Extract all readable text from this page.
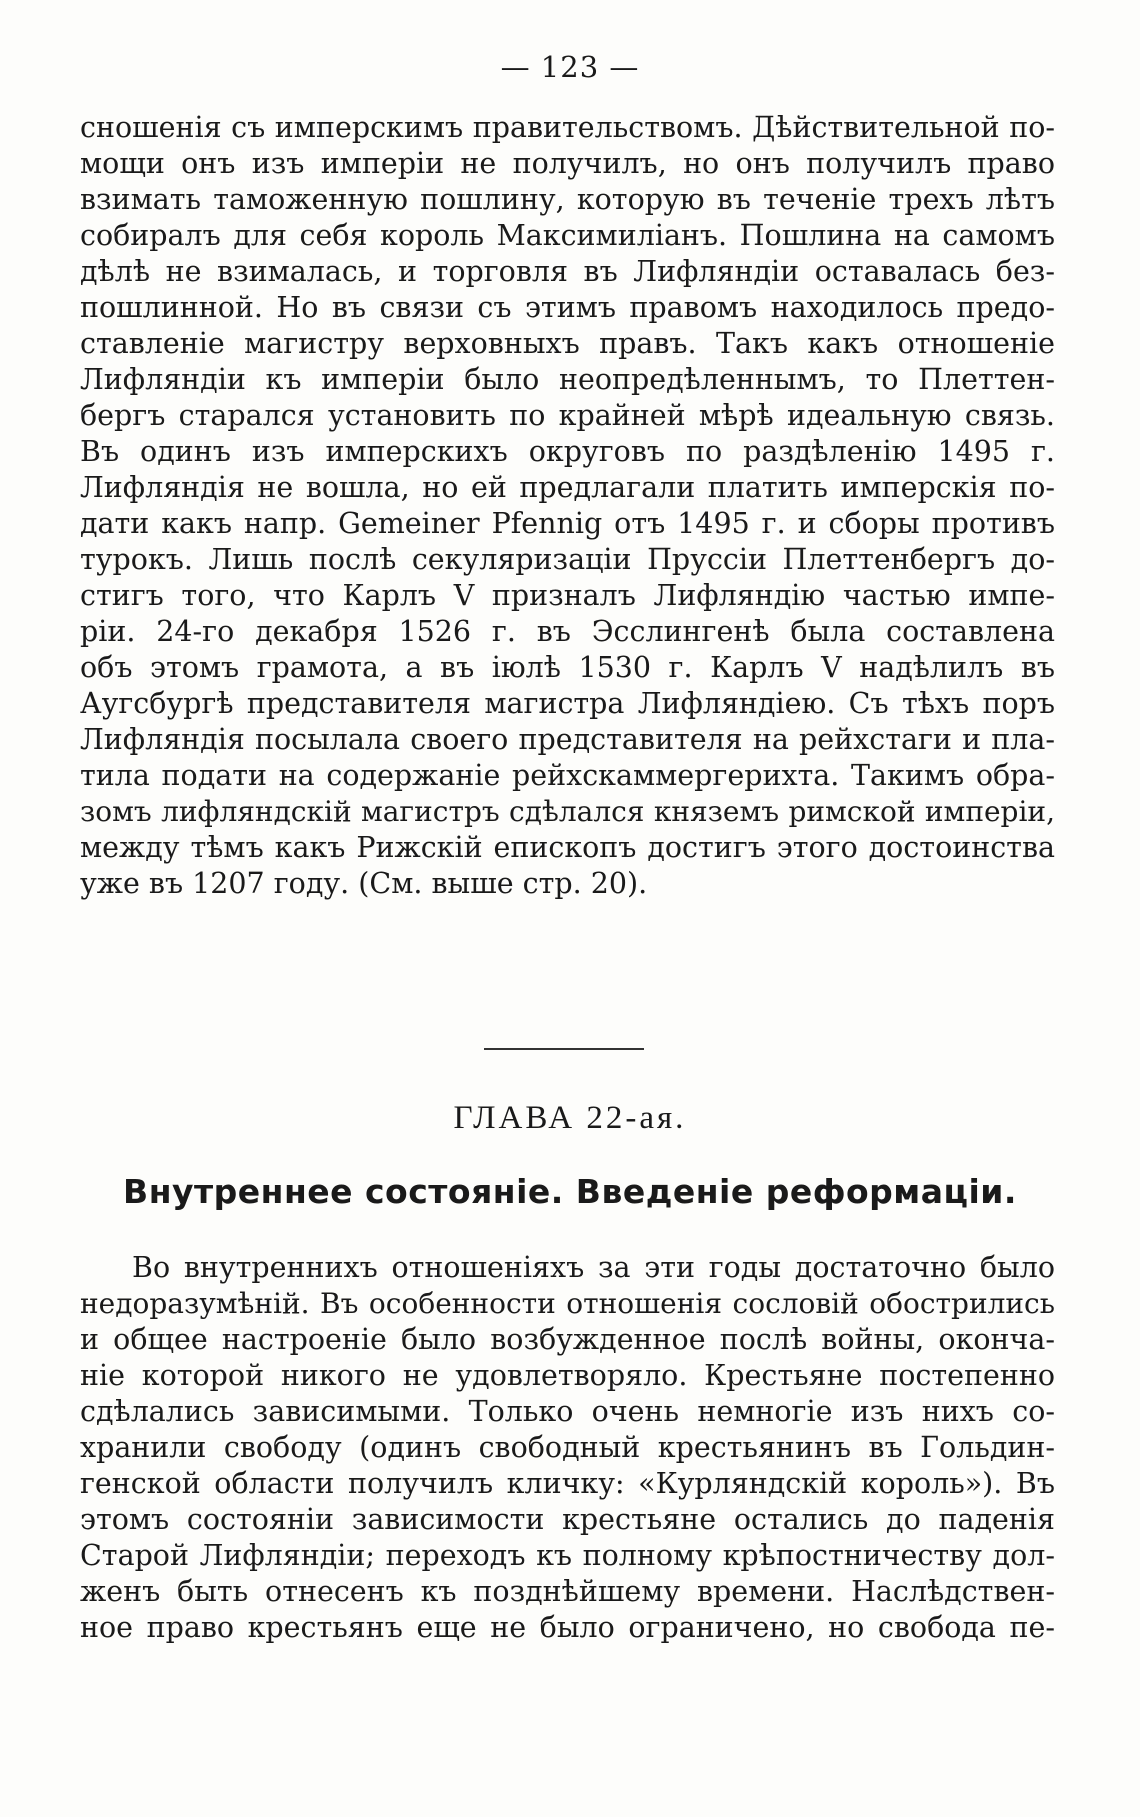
— 123 —
сношенія съ имперскимъ правительствомъ. Дѣйствительной по-
мощи онъ изъ имперіи не получилъ, но онъ получилъ право
взимать таможенную пошлину, которую въ теченіе трехъ лѣтъ
собиралъ для себя король Максимиліанъ. Пошлина на самомъ
дѣлѣ не взималась, и торговля въ Лифляндіи оставалась без-
пошлинной. Но въ связи съ этимъ правомъ находилось предо-
ставленіе магистру верховныхъ правъ. Такъ какъ отношеніе
Лифляндіи къ имперіи было неопредѣленнымъ, то Плеттен-
бергъ старался установить по крайней мѣрѣ идеальную связь.
Въ одинъ изъ имперскихъ округовъ по раздѣленію 1495 г.
Лифляндія не вошла, но ей предлагали платить имперскія по-
дати какъ напр. Gemeiner Pfennig отъ 1495 г. и сборы противъ
турокъ. Лишь послѣ секуляризаціи Пруссіи Плеттенбергъ до-
стигъ того, что Карлъ V признaлъ Лифляндію частью импе-
ріи. 24-го декабря 1526 г. въ Эсслингенѣ была составлена
объ этомъ грамота, а въ іюлѣ 1530 г. Карлъ V надѣлилъ въ
Аугсбургѣ представителя магистра Лифляндіею. Съ тѣхъ поръ
Лифляндія посылала своего представителя на рейхстаги и пла-
тила подати на содержаніе рейхскаммергерихта. Такимъ обра-
зомъ лифляндскій магистръ сдѣлался княземъ римской имперіи,
между тѣмъ какъ Рижскій епископъ достигъ этого достоинства
уже въ 1207 году. (См. выше стр. 20).
ГЛАВА 22-ая.
Внутреннее состояніе. Введеніе реформаціи.
Во внутреннихъ отношеніяхъ за эти годы достаточно было
недоразумѣній. Въ особенности отношенія сословій обострились
и общее настроеніе было возбужденное послѣ войны, оконча-
ніе которой никого не удовлетворяло. Крестьяне постепенно
сдѣлались зависимыми. Только очень немногіе изъ нихъ со-
хранили свободу (одинъ свободный крестьянинъ въ Гольдин-
генской области получилъ кличку: «Курляндскій король»). Въ
этомъ состояніи зависимости крестьяне остались до паденія
Старой Лифляндіи; переходъ къ полному крѣпостничеству дол-
женъ быть отнесенъ къ позднѣйшему времени. Наслѣдствен-
ное право крестьянъ еще не было ограничено, но свобода пе-
